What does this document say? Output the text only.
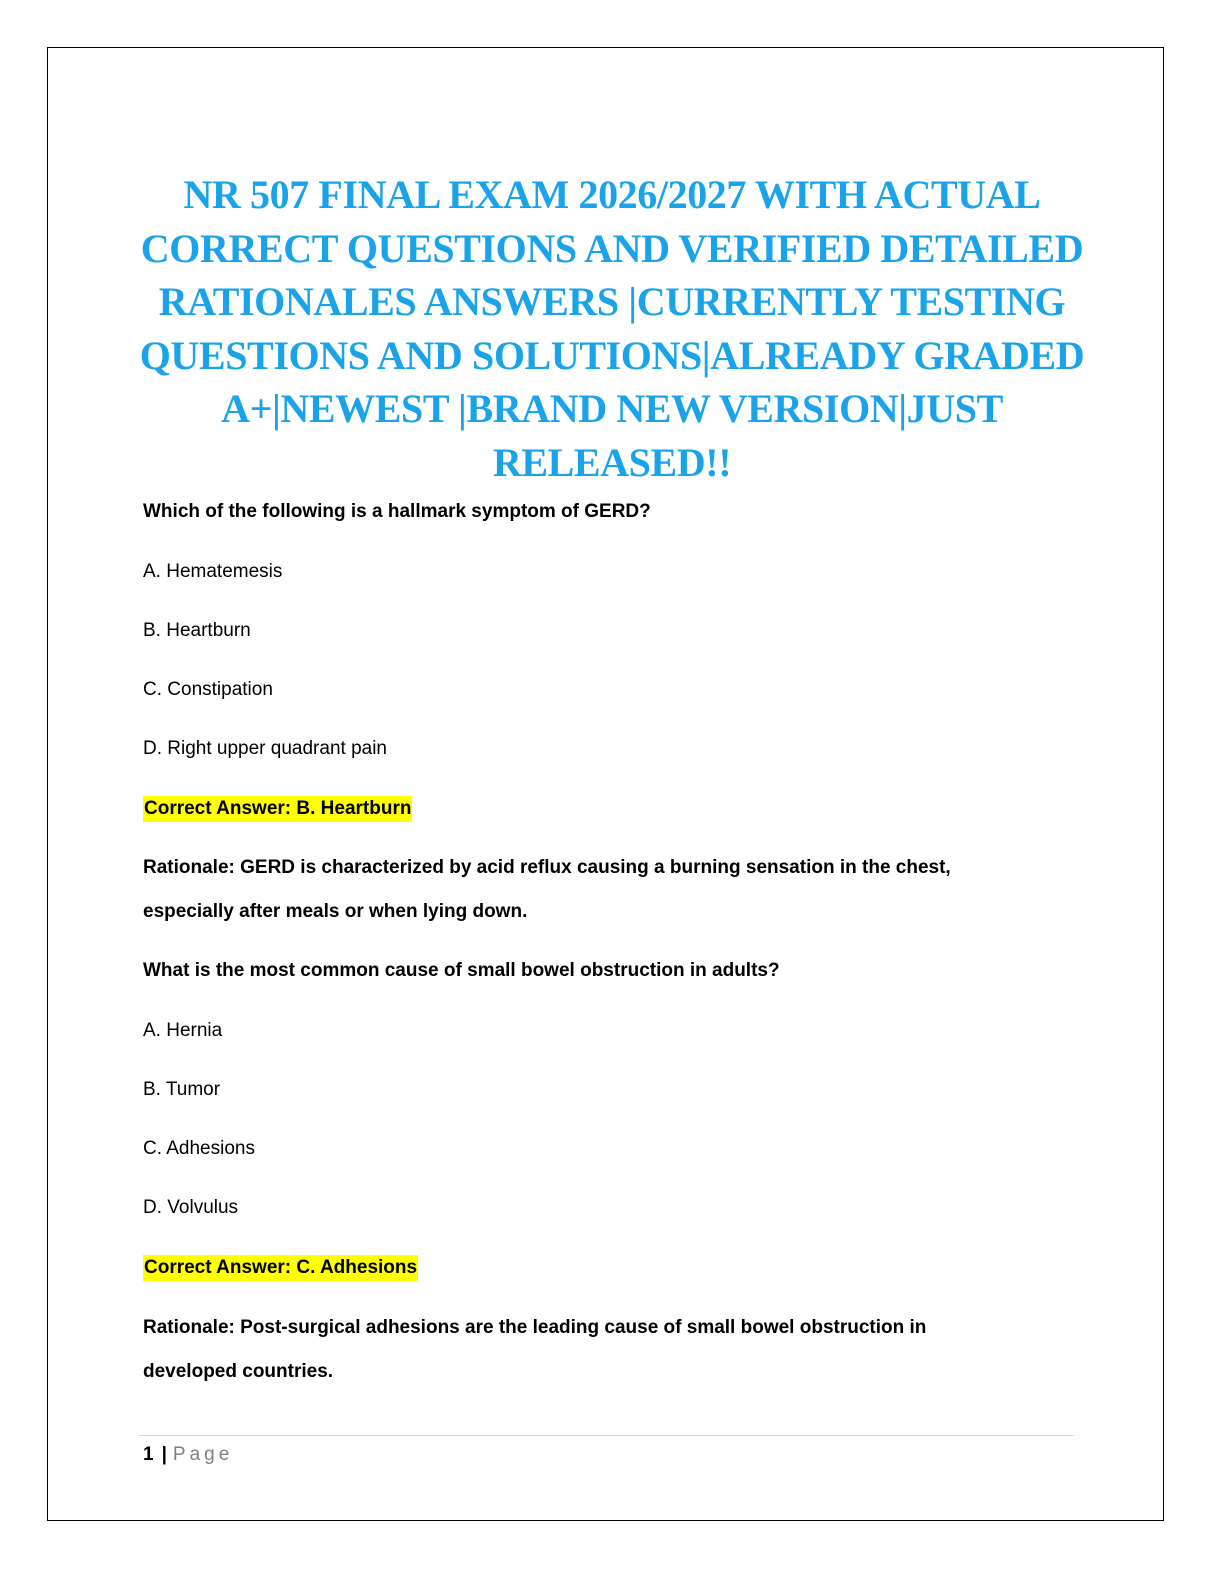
NR 507 FINAL EXAM 2026/2027 WITH ACTUAL CORRECT QUESTIONS AND VERIFIED DETAILED RATIONALES ANSWERS |CURRENTLY TESTING QUESTIONS AND SOLUTIONS|ALREADY GRADED A+|NEWEST |BRAND NEW VERSION|JUST RELEASED!!
Which of the following is a hallmark symptom of GERD?
A. Hematemesis
B. Heartburn
C. Constipation
D. Right upper quadrant pain
Correct Answer: B. Heartburn
Rationale: GERD is characterized by acid reflux causing a burning sensation in the chest, especially after meals or when lying down.
What is the most common cause of small bowel obstruction in adults?
A. Hernia
B. Tumor
C. Adhesions
D. Volvulus
Correct Answer: C. Adhesions
Rationale: Post-surgical adhesions are the leading cause of small bowel obstruction in developed countries.
1 | Page
